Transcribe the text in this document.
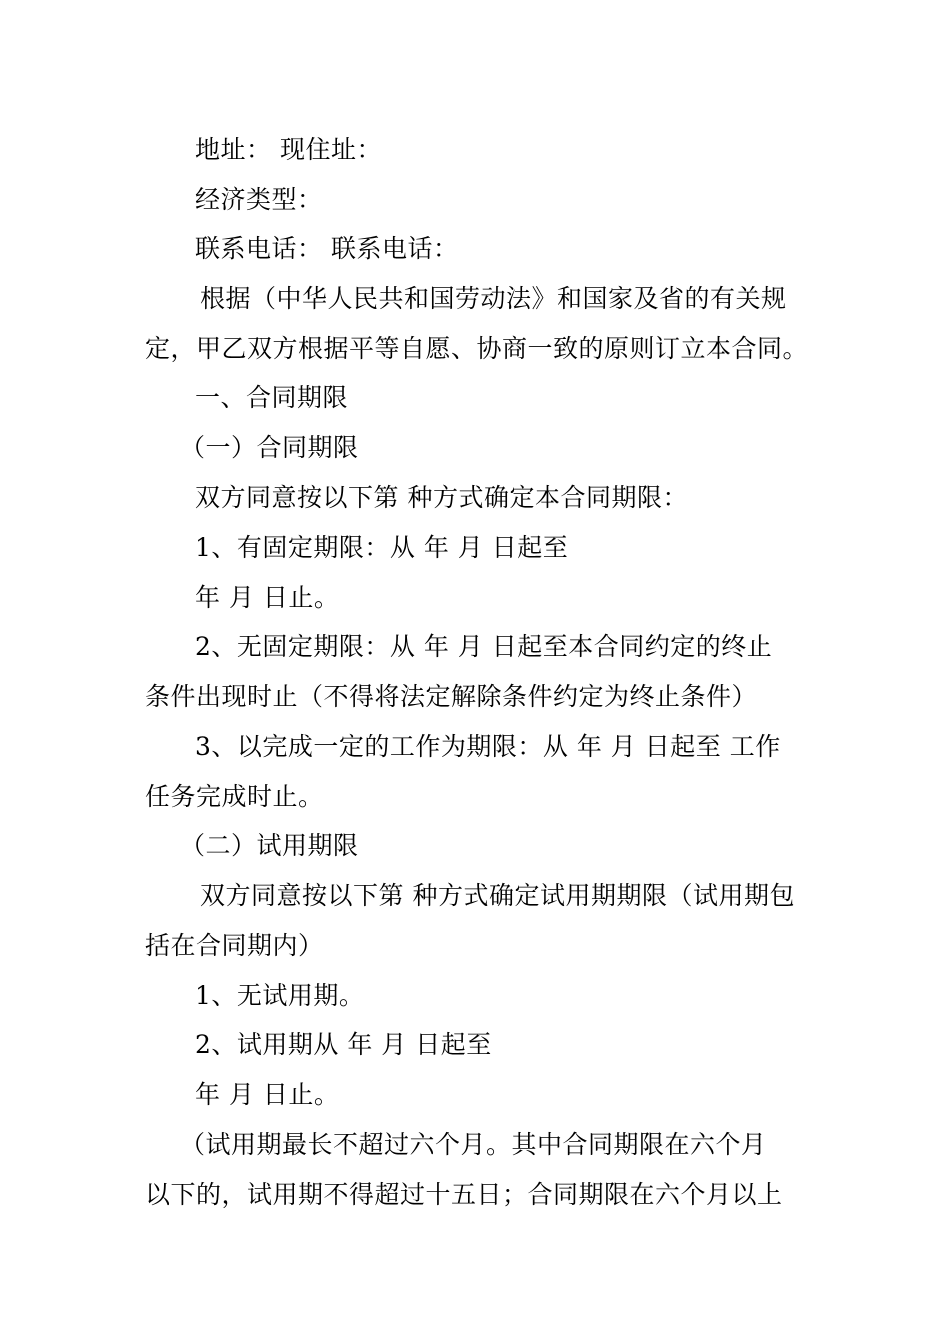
地址： 现住址：
经济类型：
联系电话： 联系电话：
根据（中华人民共和国劳动法》和国家及省的有关规
定，甲乙双方根据平等自愿、协商一致的原则订立本合同。
一、合同期限
（一）合同期限
双方同意按以下第 种方式确定本合同期限：
1、有固定期限：从 年 月 日起至
年 月 日止。
2、无固定期限：从 年 月 日起至本合同约定的终止
条件出现时止（不得将法定解除条件约定为终止条件）
3、以完成一定的工作为期限：从 年 月 日起至 工作
任务完成时止。
（二）试用期限
双方同意按以下第 种方式确定试用期期限（试用期包
括在合同期内）
1、无试用期。
2、试用期从 年 月 日起至
年 月 日止。
（试用期最长不超过六个月。其中合同期限在六个月
以下的，试用期不得超过十五日；合同期限在六个月以上
